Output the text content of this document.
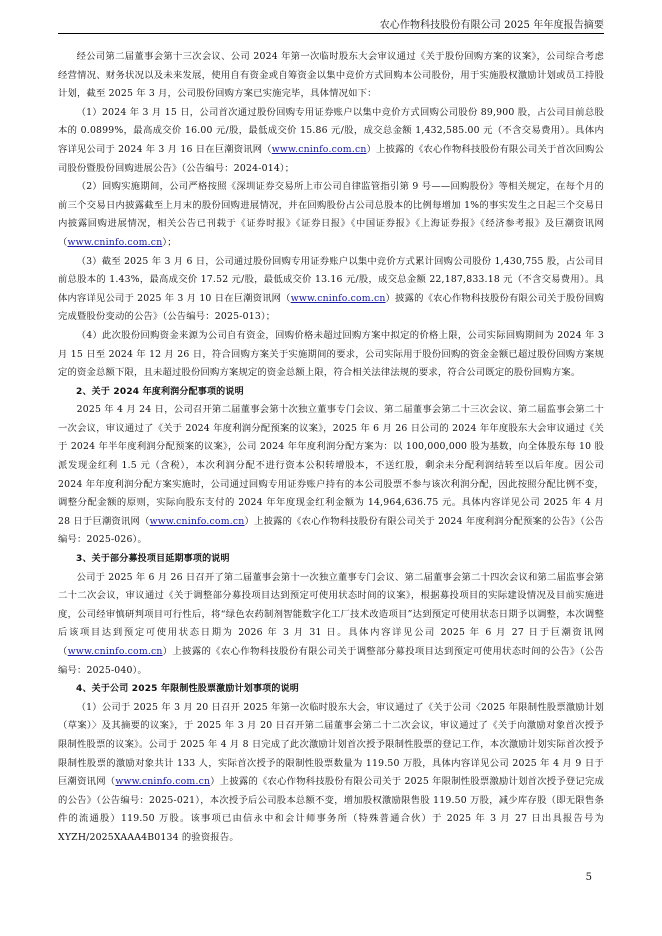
农心作物科技股份有限公司 2025 年年度报告摘要

经公司第二届董事会第十三次会议、公司 2024 年第一次临时股东大会审议通过《关于股份回购方案的议案》，公司综合考虑经营情况、财务状况以及未来发展，使用自有资金或自筹资金以集中竞价方式回购本公司股份，用于实施股权激励计划或员工持股计划，截至 2025 年 3 月，公司股份回购方案已实施完毕，具体情况如下：

（1）2024 年 3 月 15 日，公司首次通过股份回购专用证券账户以集中竞价方式回购公司股份 89,900 股，占公司目前总股本的 0.0899%，最高成交价 16.00 元/股，最低成交价 15.86 元/股，成交总金额 1,432,585.00 元（不含交易费用）。具体内容详见公司于 2024 年 3 月 16 日在巨潮资讯网（www.cninfo.com.cn）上披露的《农心作物科技股份有限公司关于首次回购公司股份暨股份回购进展公告》（公告编号：2024-014）；

（2）回购实施期间，公司严格按照《深圳证券交易所上市公司自律监管指引第 9 号——回购股份》等相关规定，在每个月的前三个交易日内披露截至上月末的股份回购进展情况，并在回购股份占公司总股本的比例每增加 1%的事实发生之日起三个交易日内披露回购进展情况，相关公告已刊载于《证券时报》《证券日报》《中国证券报》《上海证券报》《经济参考报》及巨潮资讯网（www.cninfo.com.cn）；

（3）截至 2025 年 3 月 6 日，公司通过股份回购专用证券账户以集中竞价方式累计回购公司股份 1,430,755 股，占公司目前总股本的 1.43%，最高成交价 17.52 元/股，最低成交价 13.16 元/股，成交总金额 22,187,833.18 元（不含交易费用）。具体内容详见公司于 2025 年 3 月 10 日在巨潮资讯网（www.cninfo.com.cn）披露的《农心作物科技股份有限公司关于股份回购完成暨股份变动的公告》（公告编号：2025-013）；

（4）此次股份回购资金来源为公司自有资金，回购价格未超过回购方案中拟定的价格上限，公司实际回购期间为 2024 年 3 月 15 日至 2024 年 12 月 26 日，符合回购方案关于实施期间的要求，公司实际用于股份回购的资金金额已超过股份回购方案规定的资金总额下限，且未超过股份回购方案规定的资金总额上限，符合相关法律法规的要求，符合公司既定的股份回购方案。

2、关于 2024 年度利润分配事项的说明

2025 年 4 月 24 日，公司召开第二届董事会第十次独立董事专门会议、第二届董事会第二十三次会议、第二届监事会第二十一次会议，审议通过了《关于 2024 年度利润分配预案的议案》，2025 年 6 月 26 日公司的 2024 年年度股东大会审议通过《关于 2024 年半年度利润分配预案的议案》，公司 2024 年年度利润分配方案为：以 100,000,000 股为基数，向全体股东每 10 股派发现金红利 1.5 元（含税），本次利润分配不进行资本公积转增股本，不送红股，剩余未分配利润结转至以后年度。因公司 2024 年年度利润分配方案实施时，公司通过回购专用证券账户持有的本公司股票不参与该次利润分配，因此按照分配比例不变，调整分配金额的原则，实际向股东支付的 2024 年年度现金红利金额为 14,964,636.75 元。具体内容详见公司 2025 年 4 月 28 日于巨潮资讯网（www.cninfo.com.cn）上披露的《农心作物科技股份有限公司关于 2024 年度利润分配预案的公告》（公告编号：2025-026）。

3、关于部分募投项目延期事项的说明

公司于 2025 年 6 月 26 日召开了第二届董事会第十一次独立董事专门会议、第二届董事会第二十四次会议和第二届监事会第二十二次会议，审议通过《关于调整部分募投项目达到预定可使用状态时间的议案》，根据募投项目的实际建设情况及目前实施进度，公司经审慎研判项目可行性后，将“绿色农药制剂智能数字化工厂技术改造项目”达到预定可使用状态日期予以调整，本次调整后该项目达到预定可使用状态日期为 2026 年 3 月 31 日。具体内容详见公司 2025 年 6 月 27 日于巨潮资讯网（www.cninfo.com.cn）上披露的《农心作物科技股份有限公司关于调整部分募投项目达到预定可使用状态时间的公告》（公告编号：2025-040）。

4、关于公司 2025 年限制性股票激励计划事项的说明

（1）公司于 2025 年 3 月 20 日召开 2025 年第一次临时股东大会，审议通过了《关于公司〈2025 年限制性股票激励计划（草案）〉及其摘要的议案》，于 2025 年 3 月 20 日召开第二届董事会第二十二次会议，审议通过了《关于向激励对象首次授予限制性股票的议案》。公司于 2025 年 4 月 8 日完成了此次激励计划首次授予限制性股票的登记工作，本次激励计划实际首次授予限制性股票的激励对象共计 133 人，实际首次授予的限制性股票数量为 119.50 万股，具体内容详见公司 2025 年 4 月 9 日于巨潮资讯网（www.cninfo.com.cn）上披露的《农心作物科技股份有限公司关于 2025 年限制性股票激励计划首次授予登记完成的公告》（公告编号：2025-021），本次授予后公司股本总额不变，增加股权激励限售股 119.50 万股，减少库存股（即无限售条件的流通股）119.50 万股。该事项已由信永中和会计师事务所（特殊普通合伙）于 2025 年 3 月 27 日出具报告号为 XYZH/2025XAAA4B0134 的验资报告。

5
